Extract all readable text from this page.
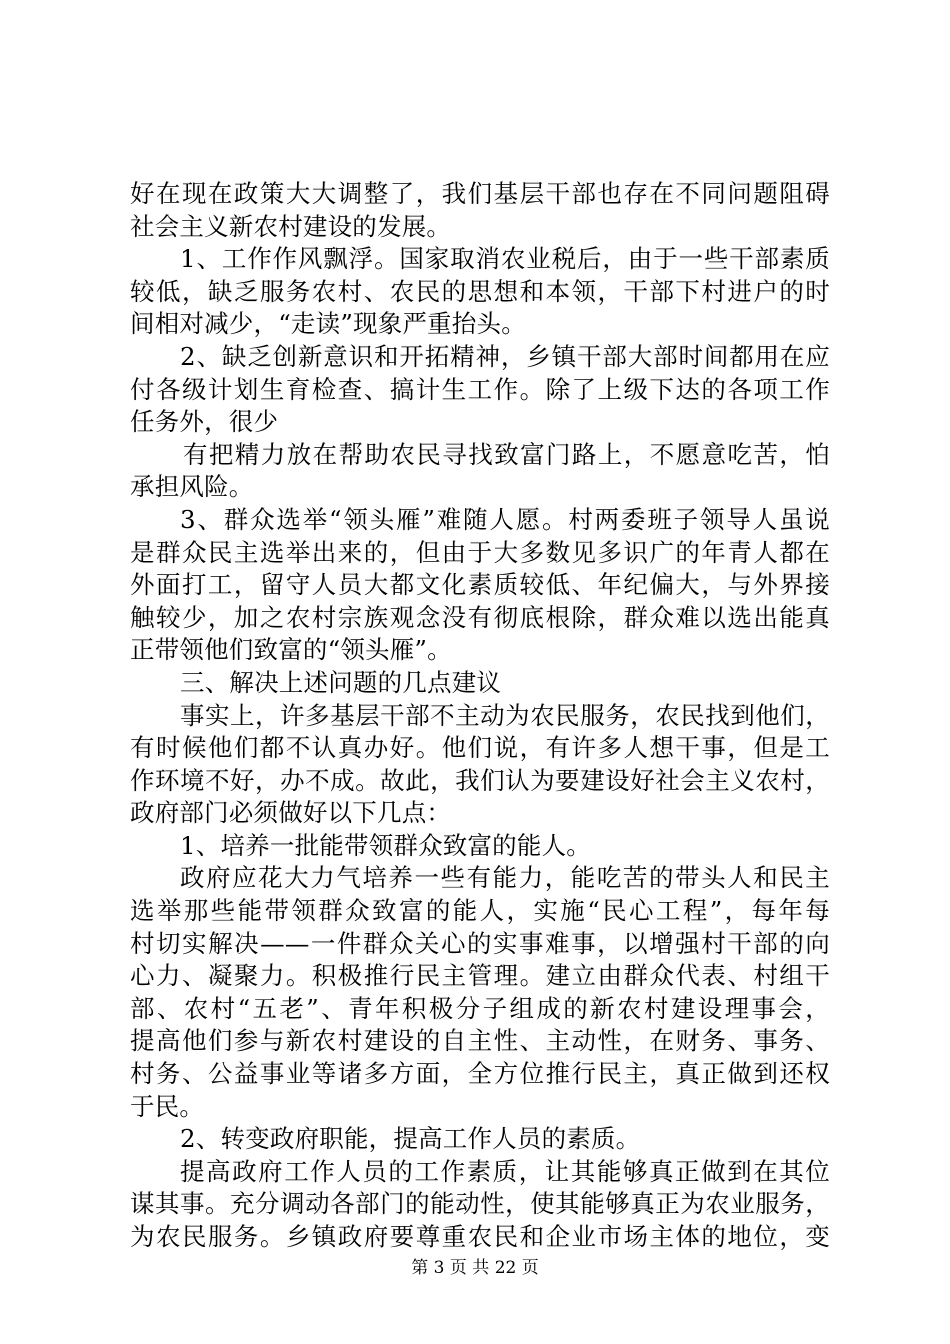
好在现在政策大大调整了，我们基层干部也存在不同问题阻碍
社会主义新农村建设的发展。
1、工作作风飘浮。国家取消农业税后，由于一些干部素质
较低，缺乏服务农村、农民的思想和本领，干部下村进户的时
间相对减少，“走读”现象严重抬头。
2、缺乏创新意识和开拓精神，乡镇干部大部时间都用在应
付各级计划生育检查、搞计生工作。除了上级下达的各项工作
任务外，很少
有把精力放在帮助农民寻找致富门路上，不愿意吃苦，怕
承担风险。
3、群众选举“领头雁”难随人愿。村两委班子领导人虽说
是群众民主选举出来的，但由于大多数见多识广的年青人都在
外面打工，留守人员大都文化素质较低、年纪偏大，与外界接
触较少，加之农村宗族观念没有彻底根除，群众难以选出能真
正带领他们致富的“领头雁”。
三、解决上述问题的几点建议
事实上，许多基层干部不主动为农民服务，农民找到他们，
有时候他们都不认真办好。他们说，有许多人想干事，但是工
作环境不好，办不成。故此，我们认为要建设好社会主义农村，
政府部门必须做好以下几点：
1、培养一批能带领群众致富的能人。
政府应花大力气培养一些有能力，能吃苦的带头人和民主
选举那些能带领群众致富的能人，实施“民心工程”，每年每
村切实解决——一件群众关心的实事难事，以增强村干部的向
心力、凝聚力。积极推行民主管理。建立由群众代表、村组干
部、农村“五老”、青年积极分子组成的新农村建设理事会，
提高他们参与新农村建设的自主性、主动性，在财务、事务、
村务、公益事业等诸多方面，全方位推行民主，真正做到还权
于民。
2、转变政府职能，提高工作人员的素质。
提高政府工作人员的工作素质，让其能够真正做到在其位
谋其事。充分调动各部门的能动性，使其能够真正为农业服务，
为农民服务。乡镇政府要尊重农民和企业市场主体的地位，变
第 3 页 共 22 页
